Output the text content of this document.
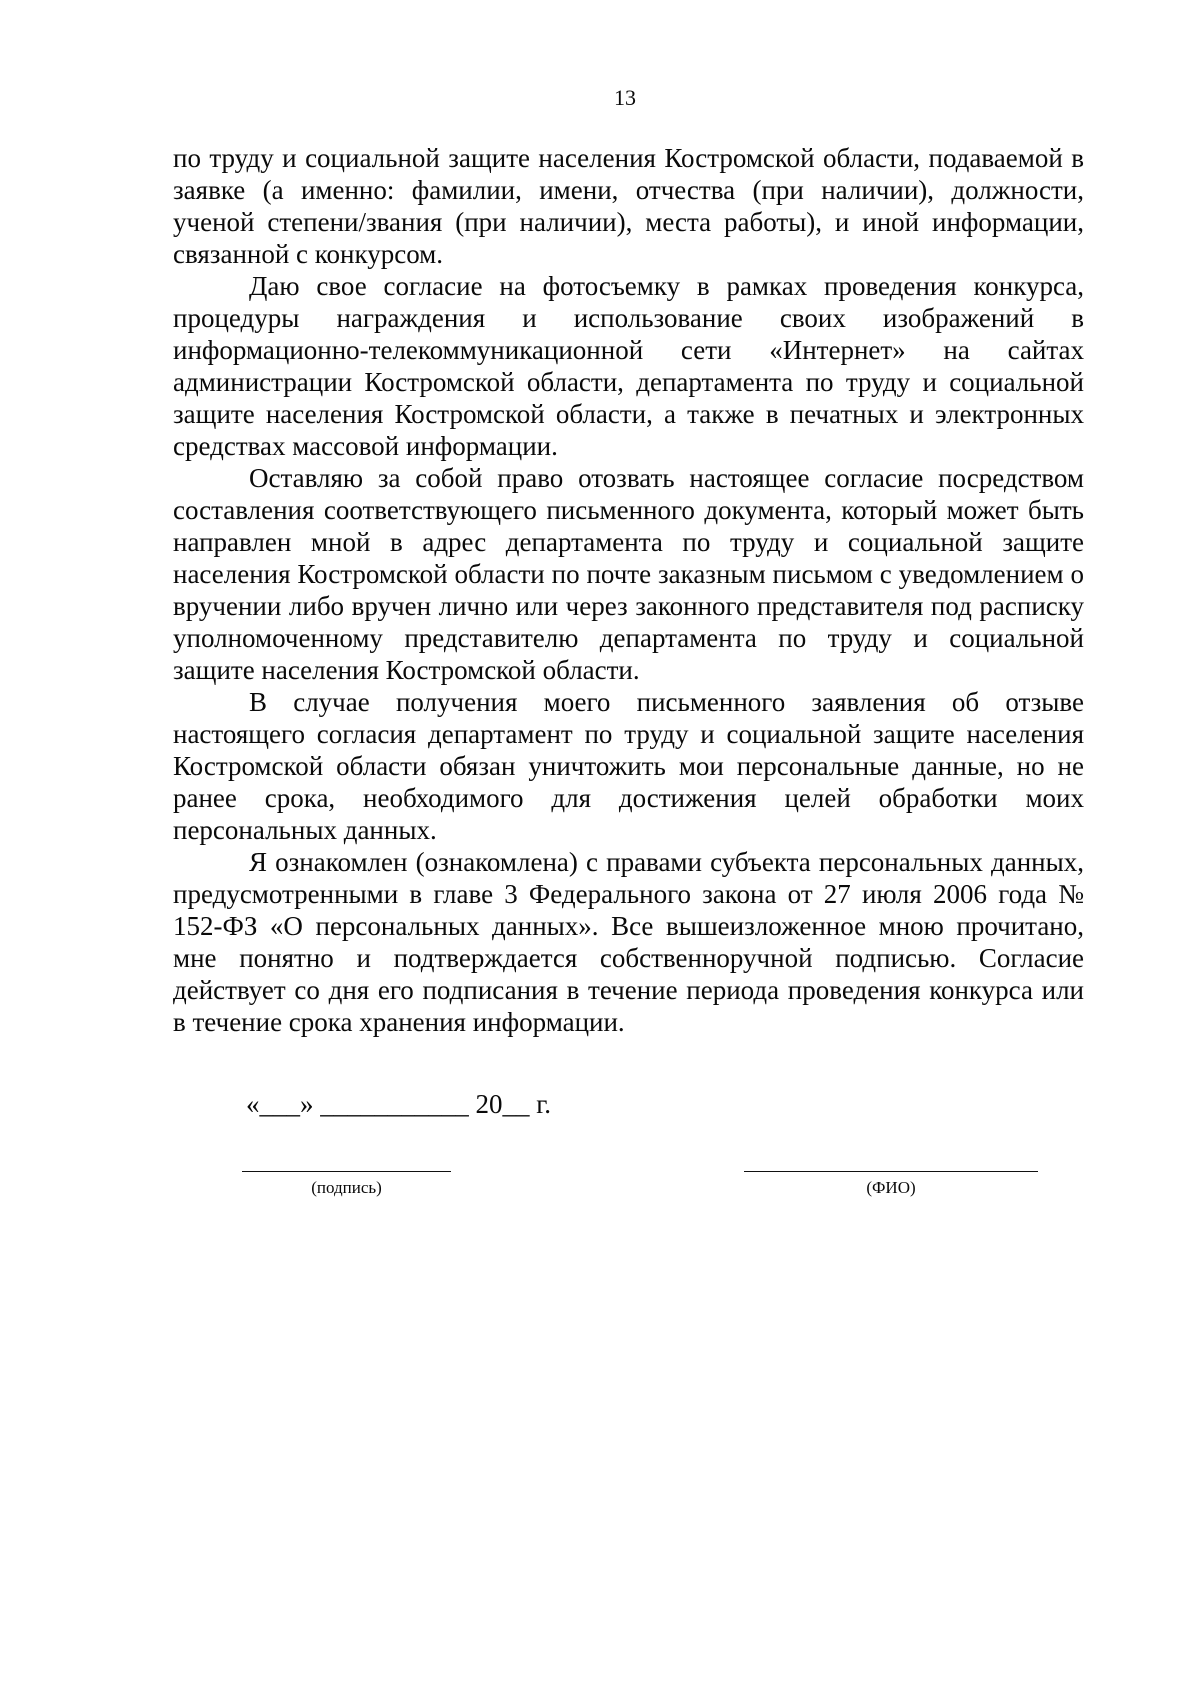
13

по труду и социальной защите населения Костромской области, подаваемой в заявке (а именно: фамилии, имени, отчества (при наличии), должности, ученой степени/звания (при наличии), места работы), и иной информации, связанной с конкурсом.

Даю свое согласие на фотосъемку в рамках проведения конкурса, процедуры награждения и использование своих изображений в информационно-телекоммуникационной сети «Интернет» на сайтах администрации Костромской области, департамента по труду и социальной защите населения Костромской области, а также в печатных и электронных средствах массовой информации.

Оставляю за собой право отозвать настоящее согласие посредством составления соответствующего письменного документа, который может быть направлен мной в адрес департамента по труду и социальной защите населения Костромской области по почте заказным письмом с уведомлением о вручении либо вручен лично или через законного представителя под расписку уполномоченному представителю департамента по труду и социальной защите населения Костромской области.

В случае получения моего письменного заявления об отзыве настоящего согласия департамент по труду и социальной защите населения Костромской области обязан уничтожить мои персональные данные, но не ранее срока, необходимого для достижения целей обработки моих персональных данных.

Я ознакомлен (ознакомлена) с правами субъекта персональных данных, предусмотренными в главе 3 Федерального закона от 27 июля 2006 года № 152-ФЗ «О персональных данных». Все вышеизложенное мною прочитано, мне понятно и подтверждается собственноручной подписью. Согласие действует со дня его подписания в течение периода проведения конкурса или в течение срока хранения информации.

«___» ___________ 20__ г.
(подпись)	(ФИО)
